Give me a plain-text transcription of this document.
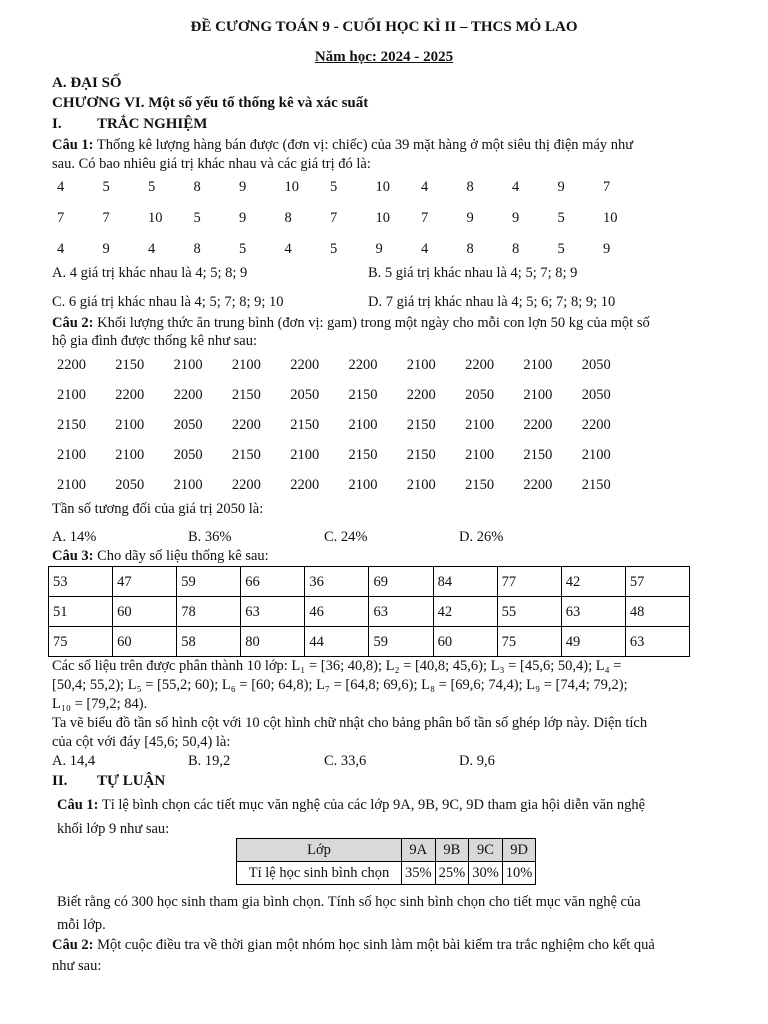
ĐỀ CƯƠNG TOÁN 9 - CUỐI HỌC KÌ II – THCS MỎ LAO
Năm học: 2024 - 2025
A. ĐẠI SỐ
CHƯƠNG VI. Một số yếu tố thống kê và xác suất
I. TRẮC NGHIỆM
Câu 1: Thống kê lượng hàng bán được (đơn vị: chiếc) của 39 mặt hàng ở một siêu thị điện máy như
sau. Có bao nhiêu giá trị khác nhau và các giá trị đó là:
4	5	5	8	9	10	5	10	4	8	4	9	7
7	7	10	5	9	8	7	10	7	9	9	5	10
4	9	4	8	5	4	5	9	4	8	8	5	9
A. 4 giá trị khác nhau là 4; 5; 8; 9	B. 5 giá trị khác nhau là 4; 5; 7; 8; 9
C. 6 giá trị khác nhau là 4; 5; 7; 8; 9; 10	D. 7 giá trị khác nhau là 4; 5; 6; 7; 8; 9; 10
Câu 2: Khối lượng thức ăn trung bình (đơn vị: gam) trong một ngày cho mỗi con lợn 50 kg của một số
hộ gia đình được thống kê như sau:
2200	2150	2100	2100	2200	2200	2100	2200	2100	2050
2100	2200	2200	2150	2050	2150	2200	2050	2100	2050
2150	2100	2050	2200	2150	2100	2150	2100	2200	2200
2100	2100	2050	2150	2100	2150	2150	2100	2150	2100
2100	2050	2100	2200	2200	2100	2100	2150	2200	2150
Tần số tương đối của giá trị 2050 là:
A. 14%	B. 36%	C. 24%	D. 26%
Câu 3: Cho dãy số liệu thống kê sau:
53	47	59	66	36	69	84	77	42	57
51	60	78	63	46	63	42	55	63	48
75	60	58	80	44	59	60	75	49	63
Các số liệu trên được phân thành 10 lớp: L₁ = [36; 40,8); L₂ = [40,8; 45,6); L₃ = [45,6; 50,4); L₄ =
[50,4; 55,2); L₅ = [55,2; 60); L₆ = [60; 64,8); L₇ = [64,8; 69,6); L₈ = [69,6; 74,4); L₉ = [74,4; 79,2);
L₁₀ = [79,2; 84).
Ta vẽ biểu đồ tần số hình cột với 10 cột hình chữ nhật cho bảng phân bố tần số ghép lớp này. Diện tích
của cột với đáy [45,6; 50,4) là:
A. 14,4	B. 19,2	C. 33,6	D. 9,6
II. TỰ LUẬN
Câu 1: Tỉ lệ bình chọn các tiết mục văn nghệ của các lớp 9A, 9B, 9C, 9D tham gia hội diễn văn nghệ
khối lớp 9 như sau:
Lớp	9A	9B	9C	9D
Tỉ lệ học sinh bình chọn	35%	25%	30%	10%
Biết rằng có 300 học sinh tham gia bình chọn. Tính số học sinh bình chọn cho tiết mục văn nghệ của
mỗi lớp.
Câu 2: Một cuộc điều tra về thời gian một nhóm học sinh làm một bài kiểm tra trắc nghiệm cho kết quả
như sau:
